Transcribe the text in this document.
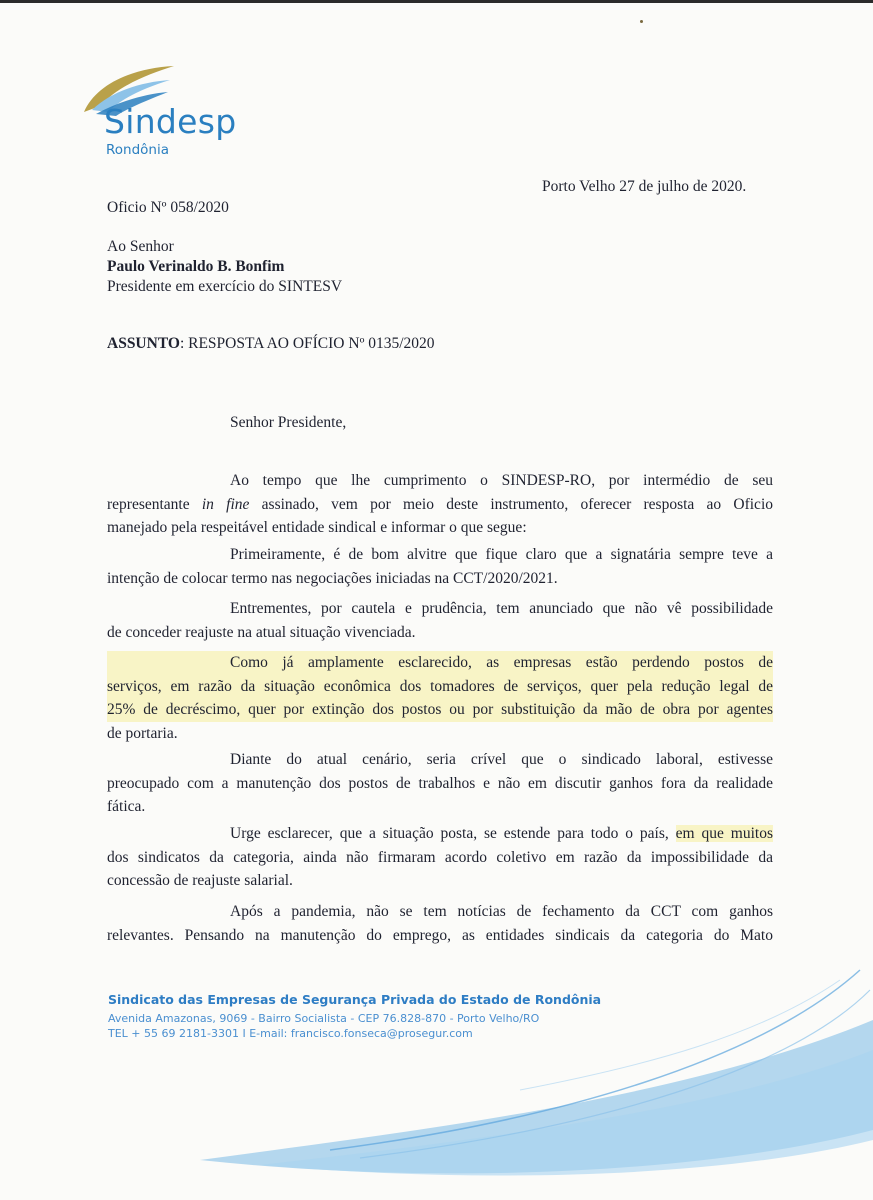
Sindesp
Rondônia
Porto Velho 27 de julho de 2020.
Oficio Nº 058/2020
Ao Senhor
Paulo Verinaldo B. Bonfim
Presidente em exercício do SINTESV
ASSUNTO: RESPOSTA AO OFÍCIO Nº 0135/2020
Senhor Presidente,
Ao tempo que lhe cumprimento o SINDESP-RO, por intermédio de seu
representante in fine assinado, vem por meio deste instrumento, oferecer resposta ao Oficio
manejado pela respeitável entidade sindical e informar o que segue:
Primeiramente, é de bom alvitre que fique claro que a signatária sempre teve a
intenção de colocar termo nas negociações iniciadas na CCT/2020/2021.
Entrementes, por cautela e prudência, tem anunciado que não vê possibilidade
de conceder reajuste na atual situação vivenciada.
Como já amplamente esclarecido, as empresas estão perdendo postos de
serviços, em razão da situação econômica dos tomadores de serviços, quer pela redução legal de
25% de decréscimo, quer por extinção dos postos ou por substituição da mão de obra por agentes
de portaria.
Diante do atual cenário, seria crível que o sindicado laboral, estivesse
preocupado com a manutenção dos postos de trabalhos e não em discutir ganhos fora da realidade
fática.
Urge esclarecer, que a situação posta, se estende para todo o país, em que muitos
dos sindicatos da categoria, ainda não firmaram acordo coletivo em razão da impossibilidade da
concessão de reajuste salarial.
Após a pandemia, não se tem notícias de fechamento da CCT com ganhos
relevantes. Pensando na manutenção do emprego, as entidades sindicais da categoria do Mato
Sindicato das Empresas de Segurança Privada do Estado de Rondônia
Avenida Amazonas, 9069 - Bairro Socialista - CEP 76.828-870 - Porto Velho/RO
TEL + 55 69 2181-3301 I E-mail: francisco.fonseca@prosegur.com
